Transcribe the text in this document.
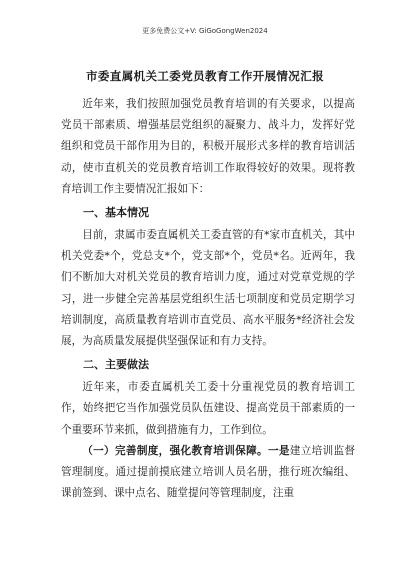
更多免费公文+V: GiGoGongWen2024
市委直属机关工委党员教育工作开展情况汇报

近年来，我们按照加强党员教育培训的有关要求，以提高党员干部素质、增强基层党组织的凝聚力、战斗力，发挥好党组织和党员干部作用为目的，积极开展形式多样的教育培训活动，使市直机关的党员教育培训工作取得较好的效果。现将教育培训工作主要情况汇报如下：

一、基本情况

目前，隶属市委直属机关工委直管的有*家市直机关，其中机关党委*个，党总支*个，党支部*个，党员*名。近两年，我们不断加大对机关党员的教育培训力度，通过对党章党规的学习，进一步健全完善基层党组织生活七项制度和党员定期学习培训制度，高质量教育培训市直党员、高水平服务*经济社会发展，为高质量发展提供坚强保证和有力支持。

二、主要做法

近年来，市委直属机关工委十分重视党员的教育培训工作，始终把它当作加强党员队伍建设、提高党员干部素质的一个重要环节来抓，做到措施有力，工作到位。

（一）完善制度，强化教育培训保障。一是建立培训监督管理制度。通过提前摸底建立培训人员名册，推行班次编组、课前签到、课中点名、随堂提问等管理制度，注重
